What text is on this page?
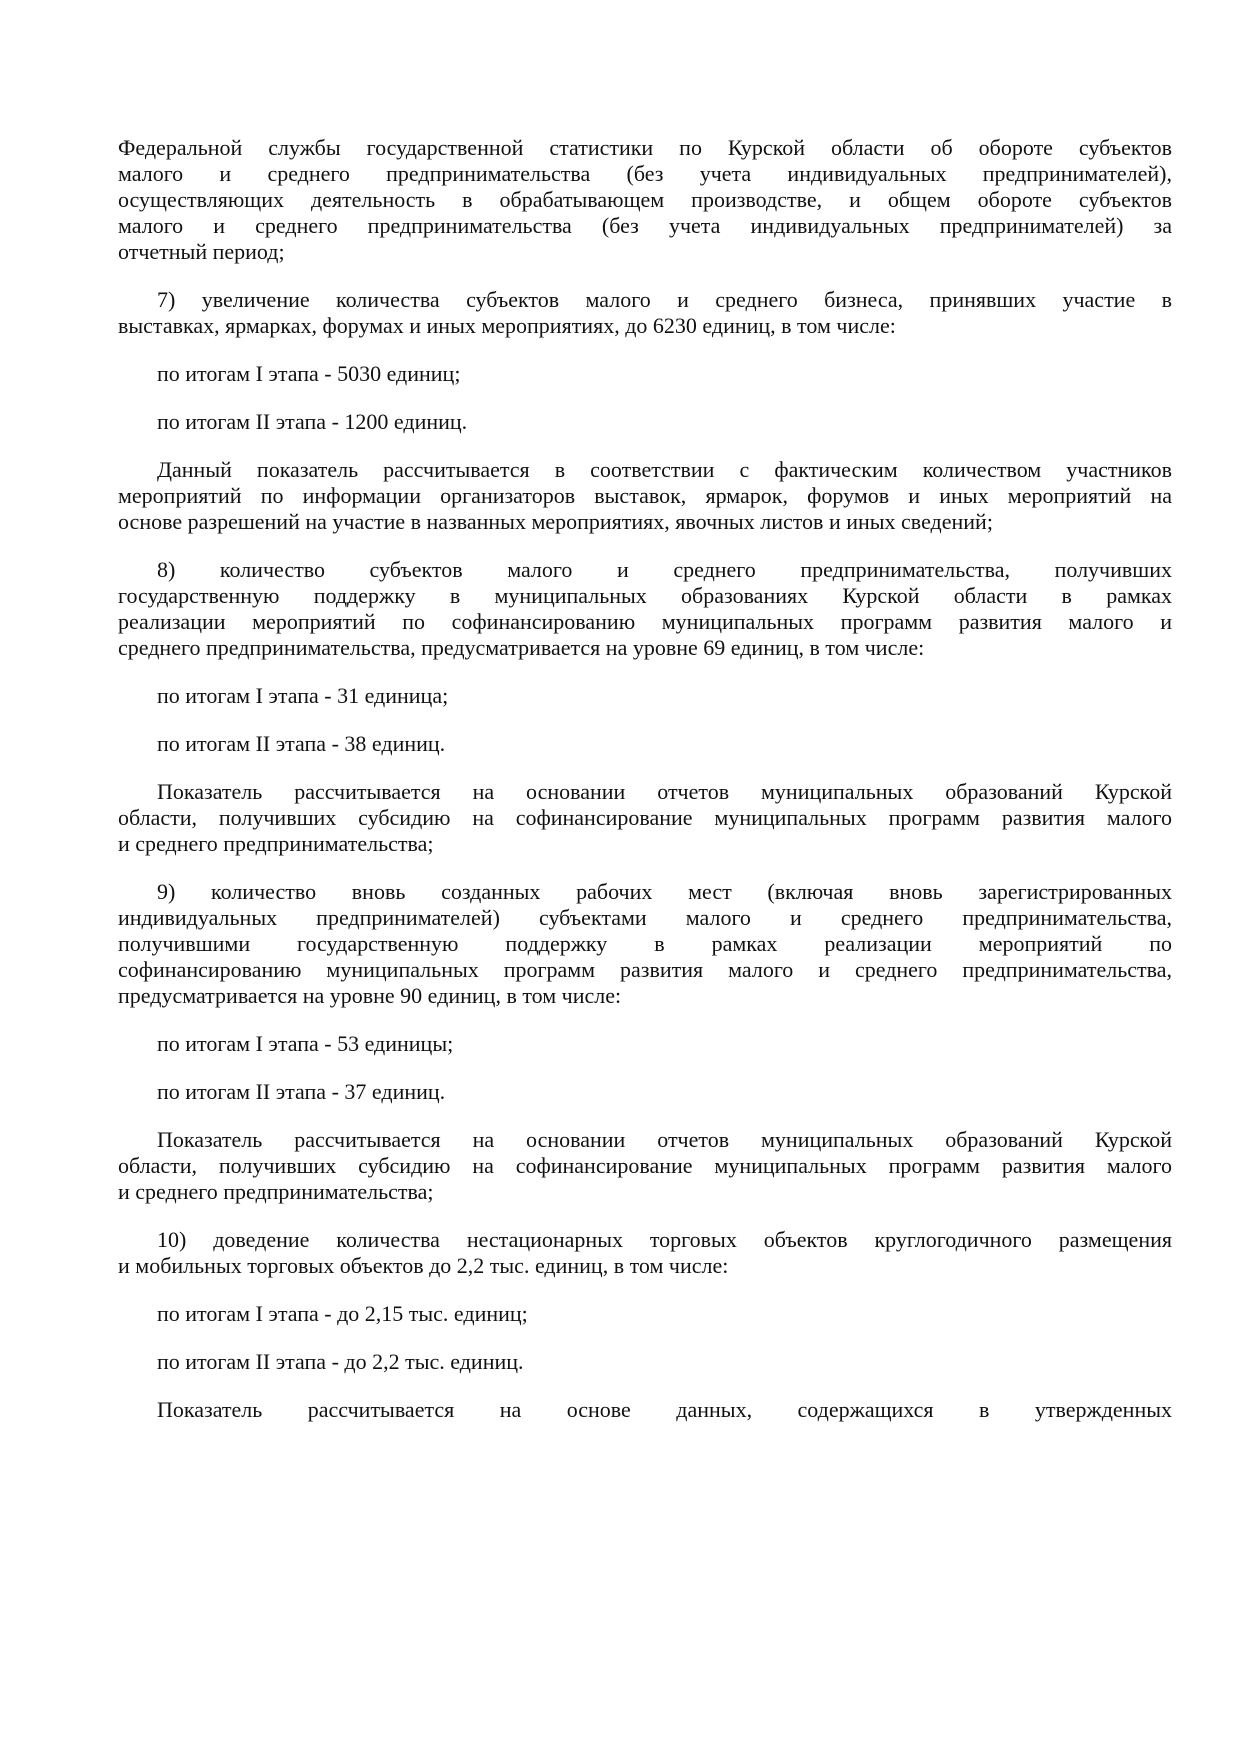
Федеральной службы государственной статистики по Курской области об обороте субъектов
малого и среднего предпринимательства (без учета индивидуальных предпринимателей),
осуществляющих деятельность в обрабатывающем производстве, и общем обороте субъектов
малого и среднего предпринимательства (без учета индивидуальных предпринимателей) за
отчетный период;
7) увеличение количества субъектов малого и среднего бизнеса, принявших участие в
выставках, ярмарках, форумах и иных мероприятиях, до 6230 единиц, в том числе:
по итогам I этапа - 5030 единиц;
по итогам II этапа - 1200 единиц.
Данный показатель рассчитывается в соответствии с фактическим количеством участников
мероприятий по информации организаторов выставок, ярмарок, форумов и иных мероприятий на
основе разрешений на участие в названных мероприятиях, явочных листов и иных сведений;
8) количество субъектов малого и среднего предпринимательства, получивших
государственную поддержку в муниципальных образованиях Курской области в рамках
реализации мероприятий по софинансированию муниципальных программ развития малого и
среднего предпринимательства, предусматривается на уровне 69 единиц, в том числе:
по итогам I этапа - 31 единица;
по итогам II этапа - 38 единиц.
Показатель рассчитывается на основании отчетов муниципальных образований Курской
области, получивших субсидию на софинансирование муниципальных программ развития малого
и среднего предпринимательства;
9) количество вновь созданных рабочих мест (включая вновь зарегистрированных
индивидуальных предпринимателей) субъектами малого и среднего предпринимательства,
получившими государственную поддержку в рамках реализации мероприятий по
софинансированию муниципальных программ развития малого и среднего предпринимательства,
предусматривается на уровне 90 единиц, в том числе:
по итогам I этапа - 53 единицы;
по итогам II этапа - 37 единиц.
Показатель рассчитывается на основании отчетов муниципальных образований Курской
области, получивших субсидию на софинансирование муниципальных программ развития малого
и среднего предпринимательства;
10) доведение количества нестационарных торговых объектов круглогодичного размещения
и мобильных торговых объектов до 2,2 тыс. единиц, в том числе:
по итогам I этапа - до 2,15 тыс. единиц;
по итогам II этапа - до 2,2 тыс. единиц.
Показатель рассчитывается на основе данных, содержащихся в утвержденных
